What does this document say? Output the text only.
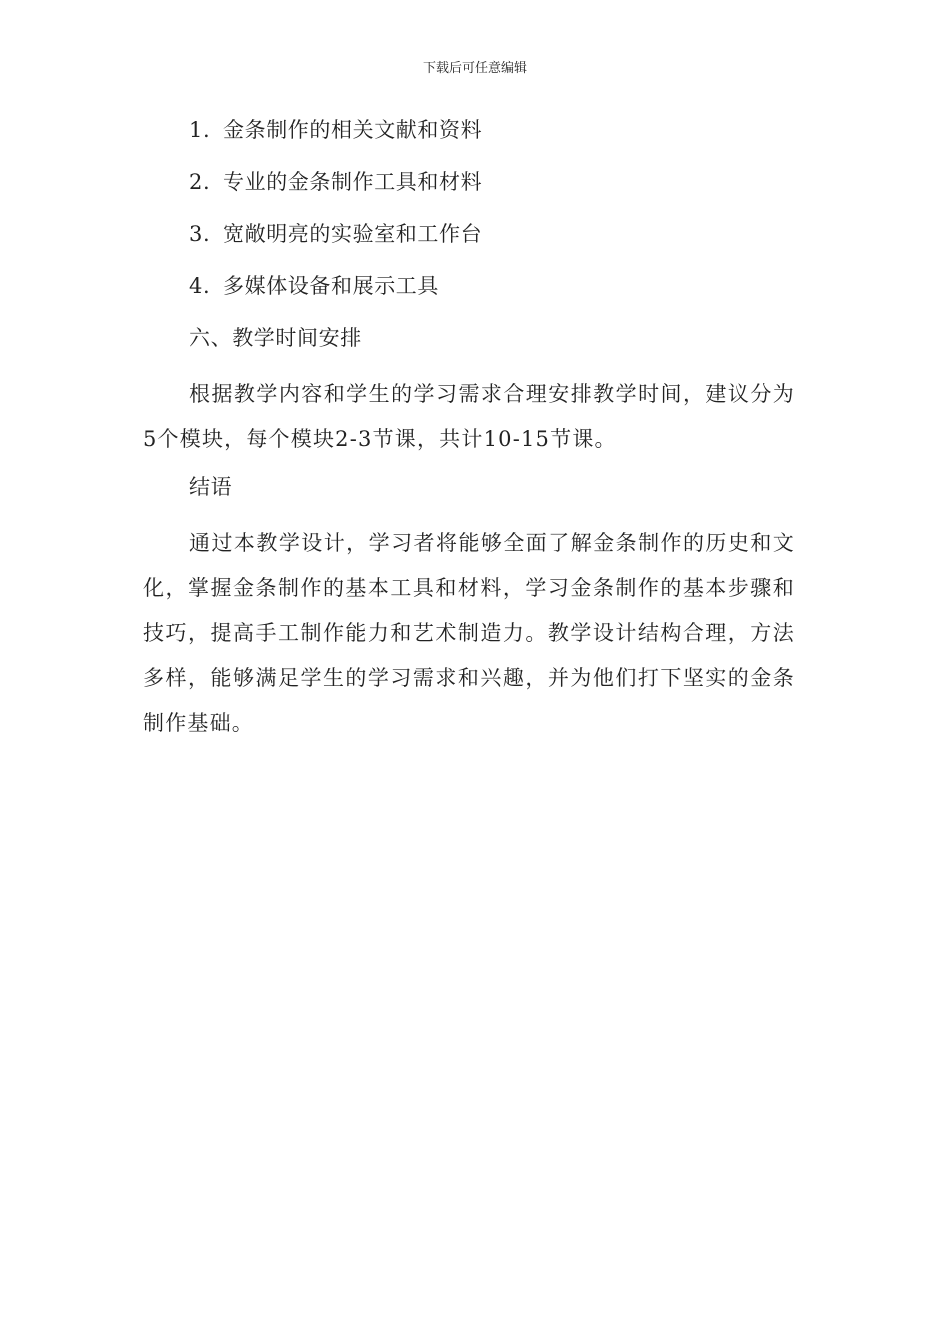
下载后可任意编辑
1. 金条制作的相关文献和资料
2. 专业的金条制作工具和材料
3. 宽敞明亮的实验室和工作台
4. 多媒体设备和展示工具
六、教学时间安排

根据教学内容和学生的学习需求合理安排教学时间，建议分为5个模块，每个模块2-3节课，共计10-15节课。

结语

通过本教学设计，学习者将能够全面了解金条制作的历史和文化，掌握金条制作的基本工具和材料，学习金条制作的基本步骤和技巧，提高手工制作能力和艺术制造力。教学设计结构合理，方法多样，能够满足学生的学习需求和兴趣，并为他们打下坚实的金条制作基础。
